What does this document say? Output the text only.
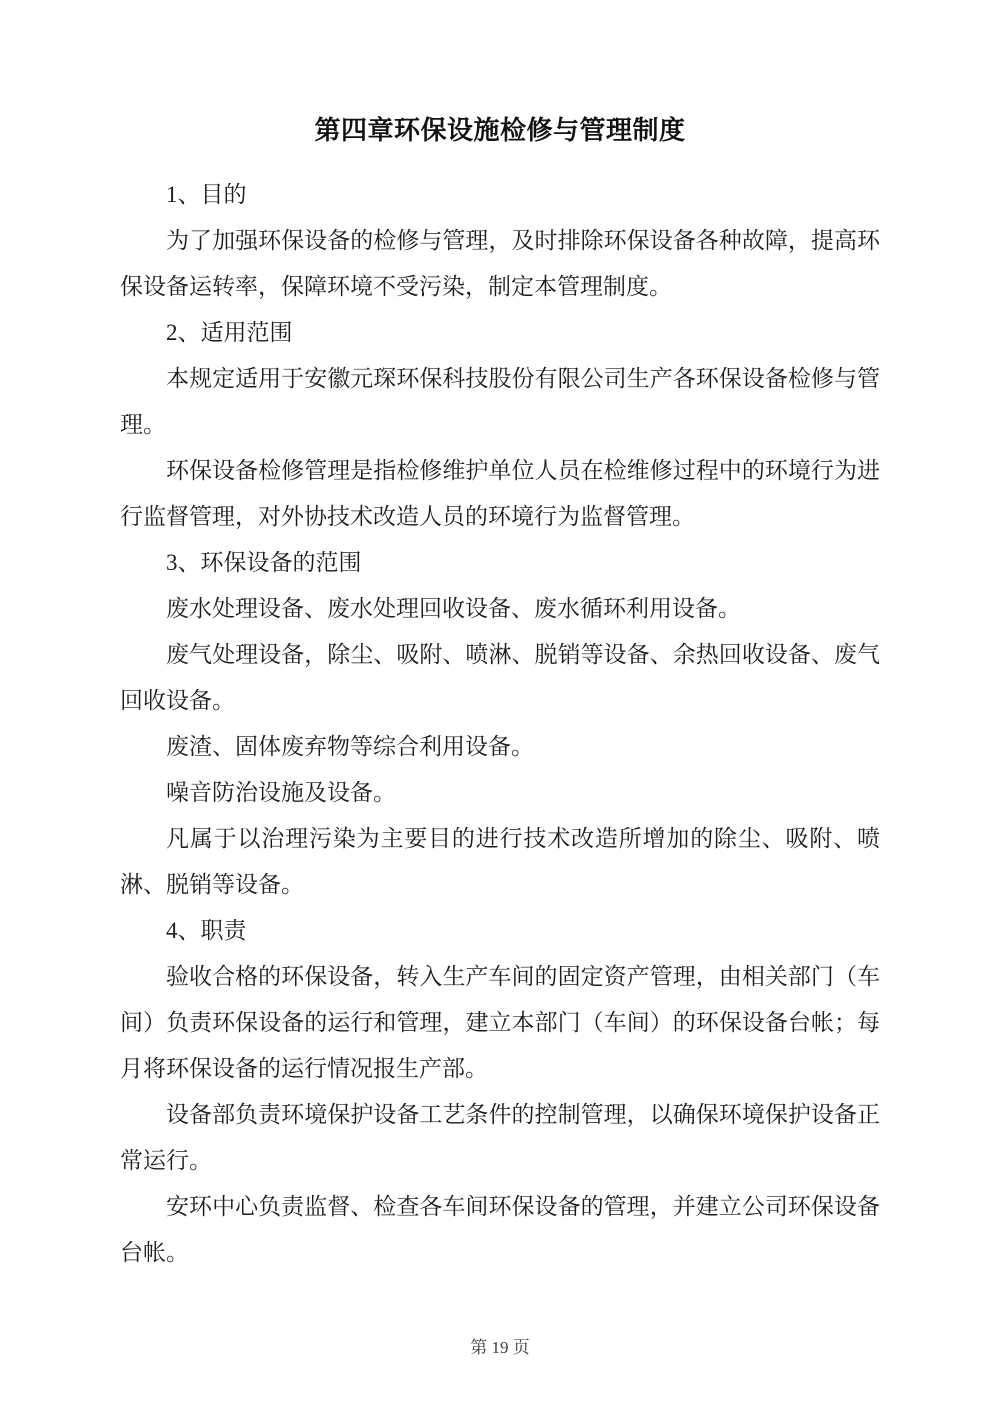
第四章环保设施检修与管理制度

1、目的

为了加强环保设备的检修与管理，及时排除环保设备各种故障，提高环保设备运转率，保障环境不受污染，制定本管理制度。

2、适用范围

本规定适用于安徽元琛环保科技股份有限公司生产各环保设备检修与管理。

环保设备检修管理是指检修维护单位人员在检维修过程中的环境行为进行监督管理，对外协技术改造人员的环境行为监督管理。

3、环保设备的范围

废水处理设备、废水处理回收设备、废水循环利用设备。

废气处理设备，除尘、吸附、喷淋、脱销等设备、余热回收设备、废气回收设备。

废渣、固体废弃物等综合利用设备。

噪音防治设施及设备。

凡属于以治理污染为主要目的进行技术改造所增加的除尘、吸附、喷淋、脱销等设备。

4、职责

验收合格的环保设备，转入生产车间的固定资产管理，由相关部门（车间）负责环保设备的运行和管理，建立本部门（车间）的环保设备台帐；每月将环保设备的运行情况报生产部。

设备部负责环境保护设备工艺条件的控制管理，以确保环境保护设备正常运行。

安环中心负责监督、检查各车间环保设备的管理，并建立公司环保设备台帐。

第 19 页
